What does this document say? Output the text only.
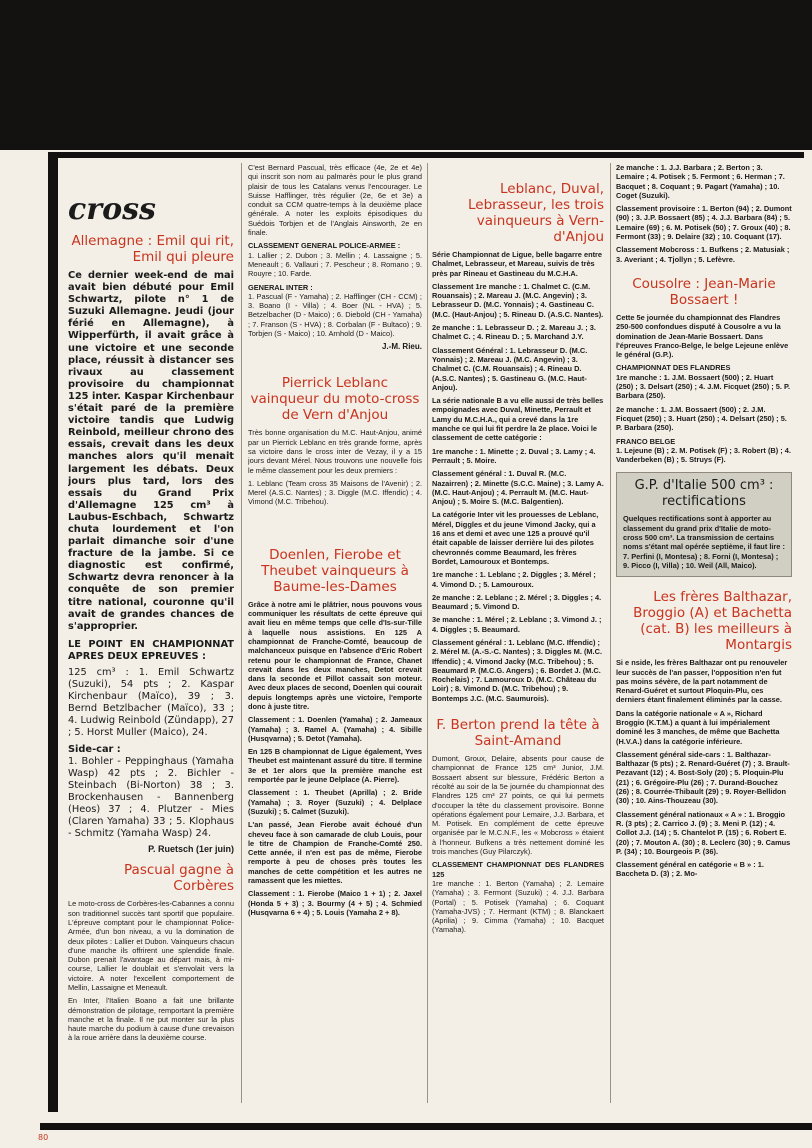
cross
Allemagne : Emil qui rit, Emil qui pleure

Ce dernier week-end de mai avait bien débuté pour Emil Schwartz, pilote n° 1 de Suzuki Allemagne. Jeudi (jour férié en Allemagne), à Wipperfürth, il avait grâce à une victoire et une seconde place, réussit à distancer ses rivaux au classement provisoire du championnat 125 inter. Kaspar Kirchenbaur s'était paré de la première victoire tandis que Ludwig Reinbold, meilleur chrono des essais, crevait dans les deux manches alors qu'il menait largement les débats. Deux jours plus tard, lors des essais du Grand Prix d'Allemagne 125 cm³ à Laubus-Eschbach, Schwartz chuta lourdement et l'on parlait dimanche soir d'une fracture de la jambe. Si ce diagnostic est confirmé, Schwartz devra renoncer à la conquête de son premier titre national, couronne qu'il avait de grandes chances de s'approprier.

LE POINT EN CHAMPIONNAT APRES DEUX EPREUVES :

125 cm³ : 1. Emil Schwartz (Suzuki), 54 pts ; 2. Kaspar Kirchenbaur (Maïco), 39 ; 3. Bernd Betzlbacher (Maïco), 33 ; 4. Ludwig Reinbold (Zündapp), 27 ; 5. Horst Muller (Maico), 24.

Side-car :

1. Bohler - Peppinghaus (Yamaha Wasp) 42 pts ; 2. Bichler - Steinbach (Bi-Norton) 38 ; 3. Brockenhausen - Bannenberg (Heos) 37 ; 4. Plutzer - Mies (Claren Yamaha) 33 ; 5. Klophaus - Schmitz (Yamaha Wasp) 24.

P. Ruetsch (1er juin)
Pascual gagne à Corbères

Le moto-cross de Corbères-les-Cabannes a connu son traditionnel succès tant sportif que populaire. L'épreuve comptant pour le championnat Police-Armée, d'un bon niveau, a vu la domination de deux pilotes : Lallier et Dubon. Vainqueurs chacun d'une manche ils offrirent une splendide finale. Dubon prenait l'avantage au départ mais, à mi-course, Lallier le doublait et s'envolait vers la victoire. A noter l'excellent comportement de Mellin, Lassaigne et Meneault.

En Inter, l'Italien Boano a fait une brillante démonstration de pilotage, remportant la première manche et la finale. Il ne put monter sur la plus haute marche du podium à cause d'une crevaison à la roue arrière dans la deuxième course.

C'est Bernard Pascual, très efficace (4e, 2e et 4e) qui inscrit son nom au palmarès pour le plus grand plaisir de tous les Catalans venus l'encourager. Le Suisse Hafflinger, très régulier (2e, 6e et 3e) a conduit sa CCM quatre-temps à la deuxième place générale. A noter les exploits épisodiques du Suédois Torbjen et de l'Anglais Ainsworth, 2e en finale.

CLASSEMENT GENERAL POLICE-ARMEE :

1. Lallier ; 2. Dubon ; 3. Mellin ; 4. Lassaigne ; 5. Meneault ; 6. Vallauri ; 7. Pescheur ; 8. Romano ; 9. Rouyre ; 10. Farde.

GENERAL INTER :

1. Pascual (F - Yamaha) ; 2. Hafflinger (CH - CCM) ; 3. Boano (I - Villa) ; 4. Boer (NL - HVA) ; 5. Betzelbacher (D - Maico) ; 6. Diebold (CH - Yamaha) ; 7. Franson (S - HVA) ; 8. Corbalan (F - Bultaco) ; 9. Torbjen (S - Maico) ; 10. Arnhold (D - Maico).

J.-M. Rieu.
Pierrick Leblanc vainqueur du moto-cross de Vern d'Anjou

Très bonne organisation du M.C. Haut-Anjou, animé par un Pierrick Leblanc en très grande forme, après sa victoire dans le cross inter de Vezay, il y a 15 jours devant Mérel. Nous trouvons une nouvelle fois le même classement pour les deux premiers :

1. Leblanc (Team cross 35 Maisons de l'Avenir) ; 2. Merel (A.S.C. Nantes) ; 3. Diggle (M.C. Iffendic) ; 4. Vimond (M.C. Tribehou).

Doenlen, Fierobe et Theubet vainqueurs à Baume-les-Dames

Grâce à notre ami le plâtrier, nous pouvons vous communiquer les résultats de cette épreuve qui avait lieu en même temps que celle d'Is-sur-Tille à laquelle nous assistions. En 125 A championnat de Franche-Comté, beaucoup de malchanceux puisque en l'absence d'Eric Robert retenu pour le championnat de France, Chanet crevait dans les deux manches, Detot crevait dans la seconde et Pillot cassait son moteur. Avec deux places de second, Doenlen qui courait depuis longtemps après une victoire, l'emporte donc à juste titre.

Classement : 1. Doenlen (Yamaha) ; 2. Jameaux (Yamaha) ; 3. Ramel A. (Yamaha) ; 4. Sibille (Husqvarna) ; 5. Detot (Yamaha).

En 125 B championnat de Ligue également, Yves Theubet est maintenant assuré du titre. Il termine 3e et 1er alors que la première manche est remportée par le jeune Delplace (A. Pierre).

Classement : 1. Theubet (Aprilla) ; 2. Bride (Yamaha) ; 3. Royer (Suzuki) ; 4. Delplace (Suzuki) ; 5. Calmet (Suzuki).

L'an passé, Jean Fierobe avait échoué d'un cheveu face à son camarade de club Louis, pour le titre de Champion de Franche-Comté 250. Cette année, il n'en est pas de même, Fierobe remporte à peu de choses près toutes les manches de cette compétition et les autres ne ramassent que les miettes.

Classement : 1. Fierobe (Maico 1 + 1) ; 2. Jaxel (Honda 5 + 3) ; 3. Bourmy (4 + 5) ; 4. Schmied (Husqvarna 6 + 4) ; 5. Louis (Yamaha 2 + 8).

Leblanc, Duval, Lebrasseur, les trois vainqueurs à Vern-d'Anjou

Série Championnat de Ligue, belle bagarre entre Chalmet, Lebrasseur, et Mareau, suivis de très près par Rineau et Gastineau du M.C.H.A.

Classement 1re manche : 1. Chalmet C. (C.M. Rouansais) ; 2. Mareau J. (M.C. Angevin) ; 3. Lebrasseur D. (M.C. Yonnais) ; 4. Gastineau C. (M.C. (Haut-Anjou) ; 5. Rineau D. (A.S.C. Nantes).

2e manche : 1. Lebrasseur D. ; 2. Mareau J. ; 3. Chalmet C. ; 4. Rineau D. ; 5. Marchand J.Y.

Classement Général : 1. Lebrasseur D. (M.C. Yonnais) ; 2. Mareau J. (M.C. Angevin) ; 3. Chalmet C. (C.M. Rouansais) ; 4. Rineau D. (A.S.C. Nantes) ; 5. Gastineau G. (M.C. Haut-Anjou).

La série nationale B a vu elle aussi de très belles empoignades avec Duval, Minette, Perrault et Lamy du M.C.H.A., qui a crevé dans la 1re manche ce qui lui fit perdre la 2e place. Voici le classement de cette catégorie :

1re manche : 1. Minette ; 2. Duval ; 3. Lamy ; 4. Perrault ; 5. Moire.

Classement général : 1. Duval R. (M.C. Nazairren) ; 2. Minette (S.C.C. Maine) ; 3. Lamy A. (M.C. Haut-Anjou) ; 4. Perrault M. (M.C. Haut-Anjou) ; 5. Moire S. (M.C. Balgentien).

La catégorie Inter vit les prouesses de Leblanc, Mérel, Diggles et du jeune Vimond Jacky, qui a 16 ans et demi et avec une 125 a prouvé qu'il était capable de laisser derrière lui des pilotes chevronnés comme Beaumard, les frères Bordet, Lamouroux et Bontemps.

1re manche : 1. Leblanc ; 2. Diggles ; 3. Mérel ; 4. Vimond D. ; 5. Lamouroux.

2e manche : 2. Leblanc ; 2. Mérel ; 3. Diggles ; 4. Beaumard ; 5. Vimond D.

3e manche : 1. Mérel ; 2. Leblanc ; 3. Vimond J. ; 4. Diggles ; 5. Beaumard.

Classement général : 1. Leblanc (M.C. Iffendic) ; 2. Mérel M. (A.-S.-C. Nantes) ; 3. Diggles M. (M.C. Iffendic) ; 4. Vimond Jacky (M.C. Tribehou) ; 5. Beaumard P. (M.C.G. Angers) ; 6. Bordet J. (M.C. Rochelais) ; 7. Lamouroux D. (M.C. Château du Loir) ; 8. Vimond D. (M.C. Tribehou) ; 9. Bontemps J.C. (M.C. Saumurois).

F. Berton prend la tête à Saint-Amand

Dumont, Groux, Delaire, absents pour cause de championnat de France 125 cm³ Junior, J.M. Bossaert absent sur blessure, Frédéric Berton a récolté au soir de la 5e journée du championnat des Flandres 125 cm³ 27 points, ce qui lui permets d'occuper la tête du classement provisoire. Bonne opérations également pour Lemaire, J.J. Barbara, et M. Potisek. En complément de cette épreuve organisée par le M.C.N.F., les « Mobcross » étaient à l'honneur. Bufkens a très nettement dominé les trois manches (Guy Pilarczyk).

CLASSEMENT CHAMPIONNAT DES FLANDRES 125

1re manche : 1. Berton (Yamaha) ; 2. Lemaire (Yamaha) ; 3. Fermont (Suzuki) ; 4. J.J. Barbara (Portal) ; 5. Potisek (Yamaha) ; 6. Coquant (Yamaha-JVS) ; 7. Hermant (KTM) ; 8. Blanckaert (Aprilia) ; 9. Cimma (Yamaha) ; 10. Bacquet (Yamaha).

2e manche : 1. J.J. Barbara ; 2. Berton ; 3. Lemaire ; 4. Potisek ; 5. Fermont ; 6. Herman ; 7. Bacquet ; 8. Coquant ; 9. Pagart (Yamaha) ; 10. Coget (Suzuki).

Classement provisoire : 1. Berton (94) ; 2. Dumont (90) ; 3. J.P. Bossaert (85) ; 4. J.J. Barbara (84) ; 5. Lemaire (69) ; 6. M. Potisek (50) ; 7. Groux (40) ; 8. Fermont (33) ; 9. Delaire (32) ; 10. Coquant (17).

Classement Mobcross : 1. Bufkens ; 2. Matusiak ; 3. Averiant ; 4. Tjollyn ; 5. Lefèvre.

Cousolre : Jean-Marie Bossaert !

Cette 5e journée du championnat des Flandres 250-500 confondues disputé à Cousolre a vu la domination de Jean-Marie Bossaert. Dans l'épreuves Franco-Belge, le belge Lejeune enlève le général (G.P.).

CHAMPIONNAT DES FLANDRES

1re manche : 1. J.M. Bossaert (500) ; 2. Huart (250) ; 3. Delsart (250) ; 4. J.M. Ficquet (250) ; 5. P. Barbara (250).

2e manche : 1. J.M. Bossaert (500) ; 2. J.M. Ficquet (250) ; 3. Huart (250) ; 4. Delsart (250) ; 5. P. Barbara (250).

FRANCO BELGE

1. Lejeune (B) ; 2. M. Potisek (F) ; 3. Robert (B) ; 4. Vanderbeken (B) ; 5. Struys (F).

G.P. d'Italie 500 cm³ : rectifications

Quelques rectifications sont à apporter au classement du grand prix d'Italie de moto-cross 500 cm³. La transmission de certains noms s'étant mal opérée septième, il faut lire : 7. Perfini (I, Montesa) ; 8. Forni (I, Montesa) ; 9. Picco (I, Villa) ; 10. Weil (All, Maico).

Les frères Balthazar, Broggio (A) et Bachetta (cat. B) les meilleurs à Montargis

Si e nside, les frères Balthazar ont pu renouveler leur succès de l'an passer, l'opposition n'en fut pas moins sévère, de la part notamment de Renard-Guéret et surtout Ploquin-Plu, ces derniers étant finalement éliminés par la casse.

Dans la catégorie nationale « A », Richard Broggio (K.T.M.) a quant à lui impérialement dominé les 3 manches, de même que Bachetta (H.V.A.) dans la catégorie inférieure.

Classement général side-cars : 1. Balthazar-Balthazar (5 pts) ; 2. Renard-Guéret (7) ; 3. Brault-Pezavant (12) ; 4. Bost-Soly (20) ; 5. Ploquin-Plu (21) ; 6. Grégoire-Plu (26) ; 7. Durand-Bouchez (26) ; 8. Courrée-Thibault (29) ; 9. Royer-Bellidon (30) ; 10. Ains-Thouzeau (30).

Classement général nationaux « A » : 1. Broggio R. (3 pts) ; 2. Carrico J. (9) ; 3. Meni P. (12) ; 4. Collot J.J. (14) ; 5. Chantelot P. (15) ; 6. Robert E. (20) ; 7. Mouton A. (30) ; 8. Leclerc (30) ; 9. Camus P. (34) ; 10. Bourgeois P. (36).

Classement général en catégorie « B » : 1. Baccheta D. (3) ; 2. Mo-

80
